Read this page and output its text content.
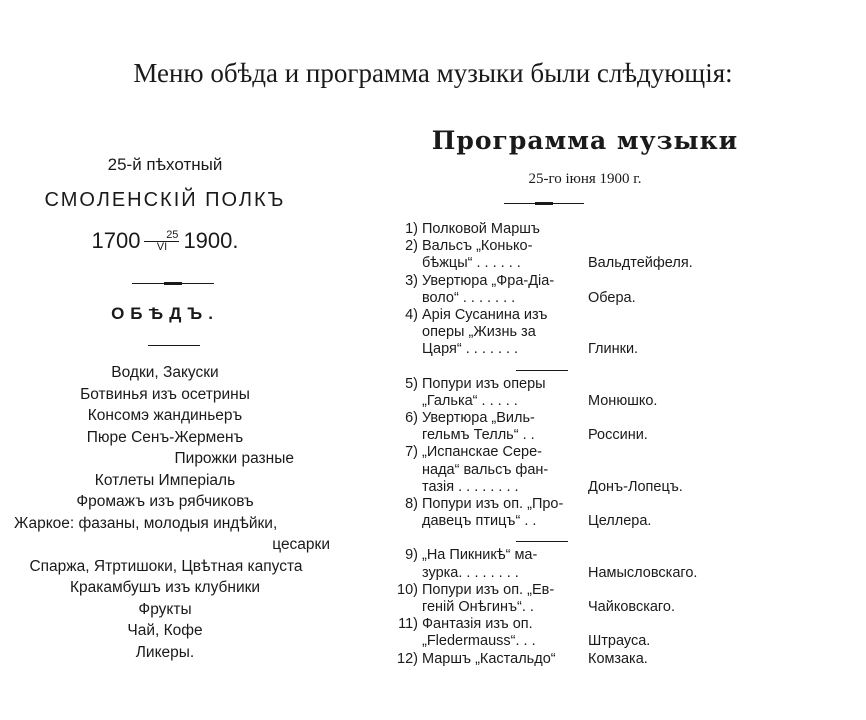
Меню обѣда и программа музыки были слѣдующія:
25-й пѣхотный
СМОЛЕНСКІЙ ПОЛКЪ
$1700 \frac{25}{VI} 1900$.
ОБѢДЪ.
Водки, Закуски
Ботвинья изъ осетрины
Консомэ жандиньеръ
Пюре Сенъ-Жерменъ
Пирожки разные
Котлеты Имперіаль
Фромажъ изъ рябчиковъ
Жаркое: фазаны, молодыя индѣйки,
цесарки
Спаржа, Ятртишоки, Цвѣтная капуста
Кракамбушъ изъ клубники
Фрукты
Чай, Кофе
Ликеры.
Программа музыки
25-го іюня 1900 г.
1) Полковой Маршъ
2) Вальсъ „Конько-
бѣжцы“ . . . . . .	Вальдтейфеля.
3) Увертюра „Фра-Діа-
воло“ . . . . . . .	Обера.
4) Арія Сусанина изъ
оперы „Жизнь за
Царя“ . . . . . . .	Глинки.
5) Попури изъ оперы
„Галька“ . . . . .	Монюшко.
6) Увертюра „Виль-
гельмъ Телль“ . .	Россини.
7) „Испанскае Сере-
нада“ вальсъ фан-
тазія . . . . . . . .	Донъ-Лопецъ.
8) Попури изъ оп. „Про-
давецъ птицъ“ . .	Целлера.
9) „На Пикникѣ“ ма-
зурка. . . . . . . .	Намысловскаго.
10) Попури изъ оп. „Ев-
геній Онѣгинъ“. .	Чайковскаго.
11) Фантазія изъ оп.
„Fledermauss“. . .	Штрауса.
12) Маршъ „Кастальдо“	Комзака.
